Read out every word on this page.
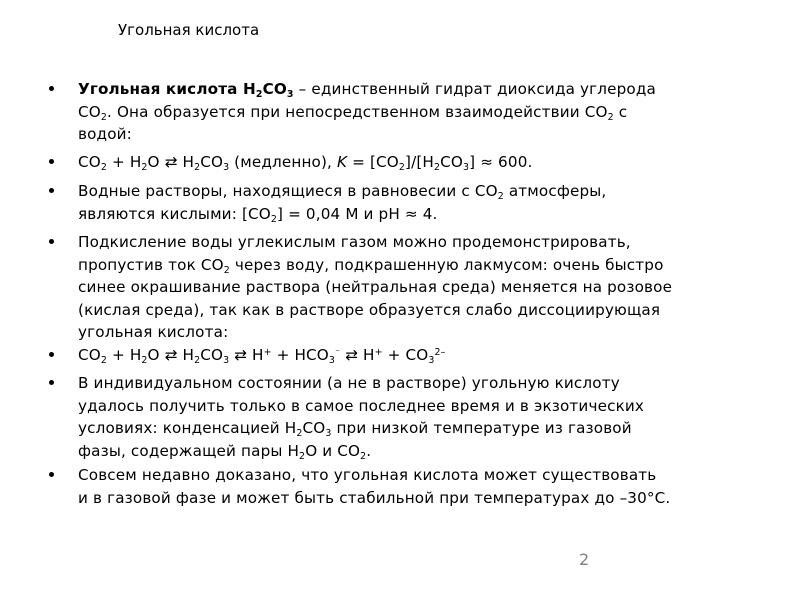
Угольная кислота
Угольная кислота $H_2CO_3$ – единственный гидрат диоксида углерода
$CO_2$. Она образуется при непосредственном взаимодействии $CO_2$ с
водой:
$CO_2 + H_2O$ ⇄ $H_2CO_3$ (медленно), $K = [CO_2]/[H_2CO_3] \approx 600$.
Водные растворы, находящиеся в равновесии с $CO_2$ атмосферы,
являются кислыми: $[CO_2] = 0,04$ M и pH ≈ 4.
Подкисление воды углекислым газом можно продемонстрировать,
пропустив ток $CO_2$ через воду, подкрашенную лакмусом: очень быстро
синее окрашивание раствора (нейтральная среда) меняется на розовое
(кислая среда), так как в растворе образуется слабо диссоциирующая
угольная кислота:
$CO_2 + H_2O$ ⇄ $H_2CO_3$ ⇄ $H^+ + HCO_3^{^-}$ ⇄ $H^+ + CO_3^{2-}$
В индивидуальном состоянии (а не в растворе) угольную кислоту
удалось получить только в самое последнее время и в экзотических
условиях: конденсацией $H_2CO_3$ при низкой температуре из газовой
фазы, содержащей пары $H_2O$ и $CO_2$.
Совсем недавно доказано, что угольная кислота может существовать
и в газовой фазе и может быть стабильной при температурах до –30°C.
2
